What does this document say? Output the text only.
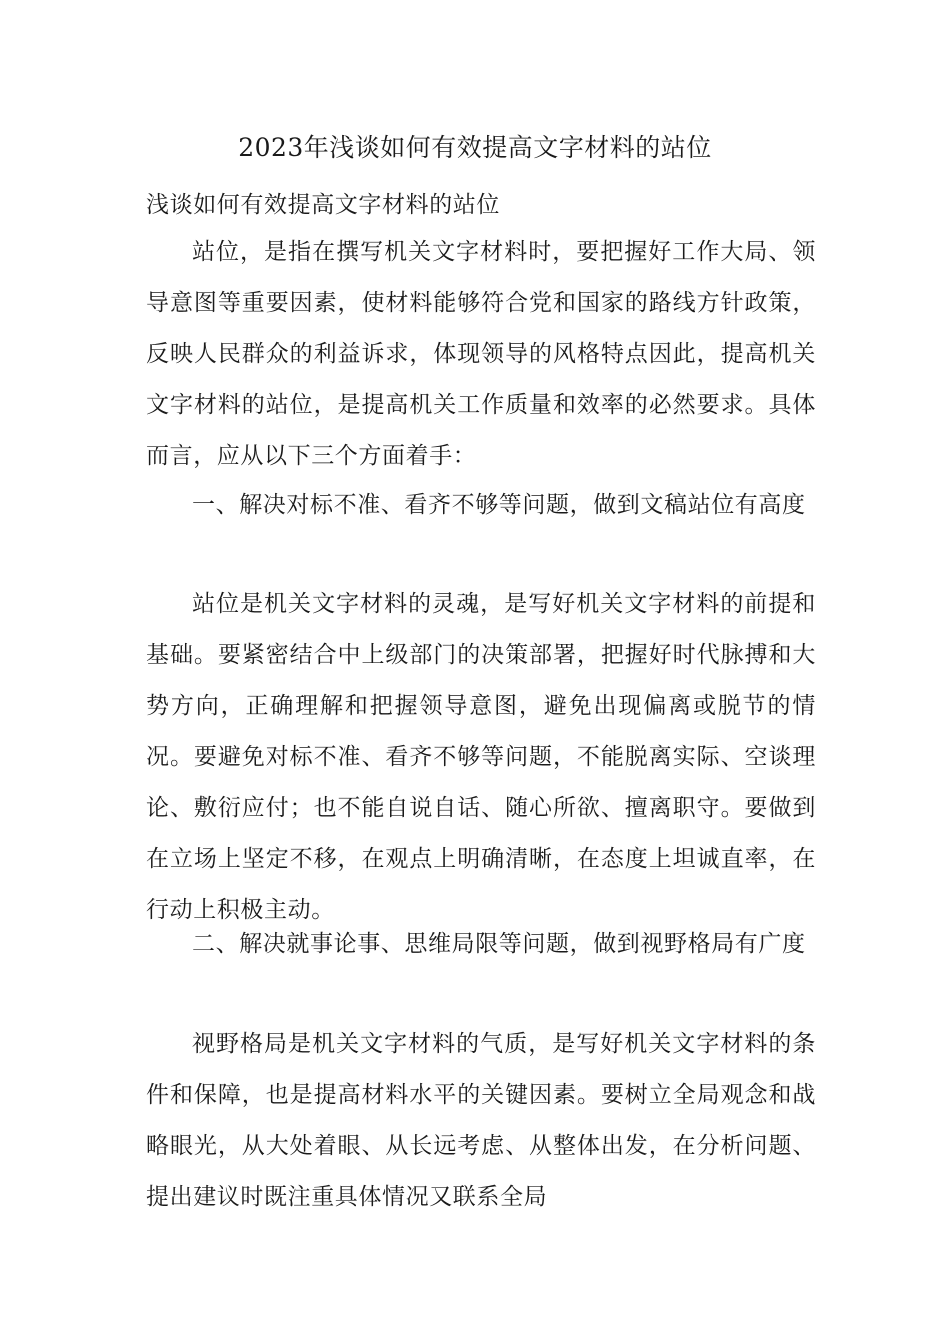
2023年浅谈如何有效提高文字材料的站位

浅谈如何有效提高文字材料的站位

站位，是指在撰写机关文字材料时，要把握好工作大局、领导意图等重要因素，使材料能够符合党和国家的路线方针政策，反映人民群众的利益诉求，体现领导的风格特点因此，提高机关文字材料的站位，是提高机关工作质量和效率的必然要求。具体而言，应从以下三个方面着手：

一、解决对标不准、看齐不够等问题，做到文稿站位有高度

站位是机关文字材料的灵魂，是写好机关文字材料的前提和基础。要紧密结合中上级部门的决策部署，把握好时代脉搏和大势方向，正确理解和把握领导意图，避免出现偏离或脱节的情况。要避免对标不准、看齐不够等问题，不能脱离实际、空谈理论、敷衍应付；也不能自说自话、随心所欲、擅离职守。要做到在立场上坚定不移，在观点上明确清晰，在态度上坦诚直率，在行动上积极主动。

二、解决就事论事、思维局限等问题，做到视野格局有广度

视野格局是机关文字材料的气质，是写好机关文字材料的条件和保障，也是提高材料水平的关键因素。要树立全局观念和战略眼光，从大处着眼、从长远考虑、从整体出发，在分析问题、提出建议时既注重具体情况又联系全局
